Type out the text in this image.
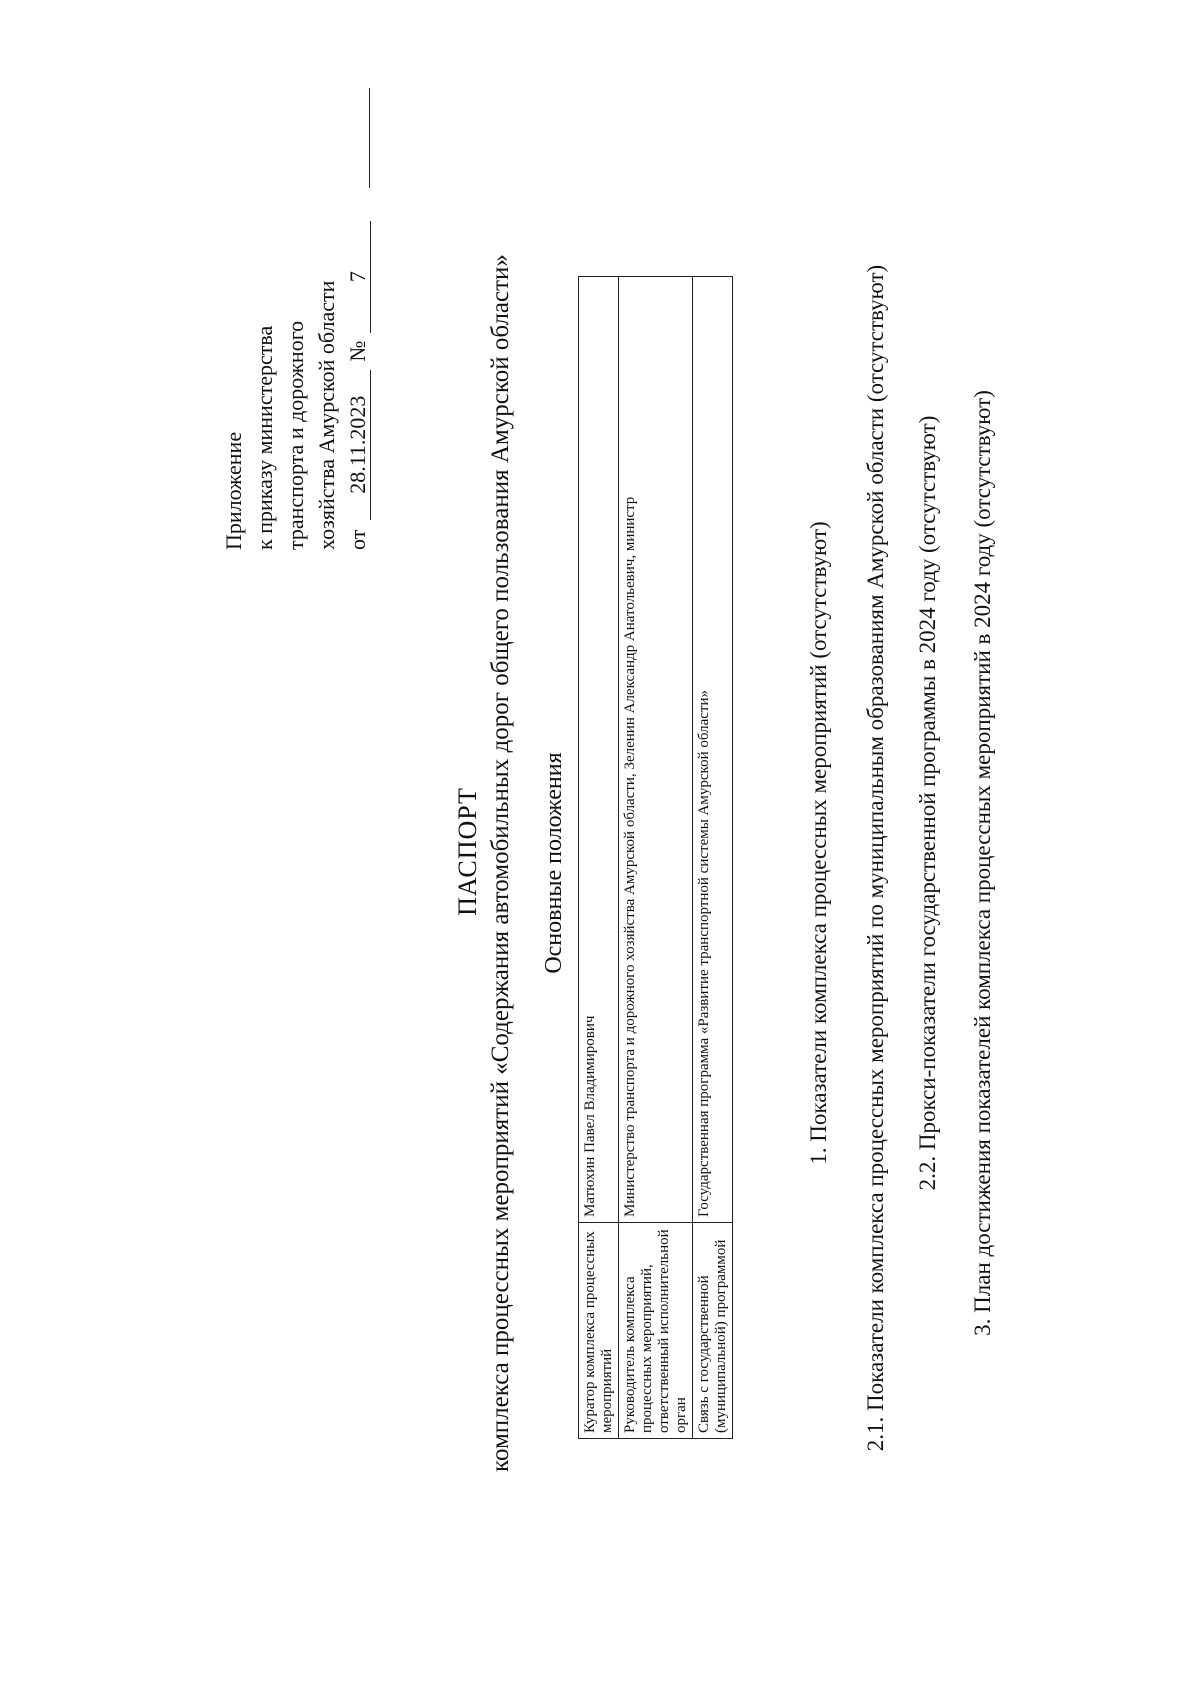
Приложение к приказу министерства транспорта и дорожного хозяйства Амурской области от28.11.2023№7
ПАСПОРТ комплекса процессных мероприятий «Содержания автомобильных дорог общего пользования Амурской области» Основные положения
Куратор комплекса процессных мероприятий	Матюхин Павел Владимирович
Руководитель комплекса процессных мероприятий, ответственный исполнительной орган	Министерство транспорта и дорожного хозяйства Амурской области, Зеленин Александр Анатольевич, министр
Связь с государственной (муниципальной) программой	Государственная программа «Развитие транспортной системы Амурской области»	1. Показатели комплекса процессных мероприятий (отсутствуют) 2.1. Показатели комплекса процессных мероприятий по муниципальным образованиям Амурской области (отсутствуют) 2.2. Прокси-показатели государственной программы в 2024 году (отсутствуют) 3. План достижения показателей комплекса процессных мероприятий в 2024 году (отсутствуют)
